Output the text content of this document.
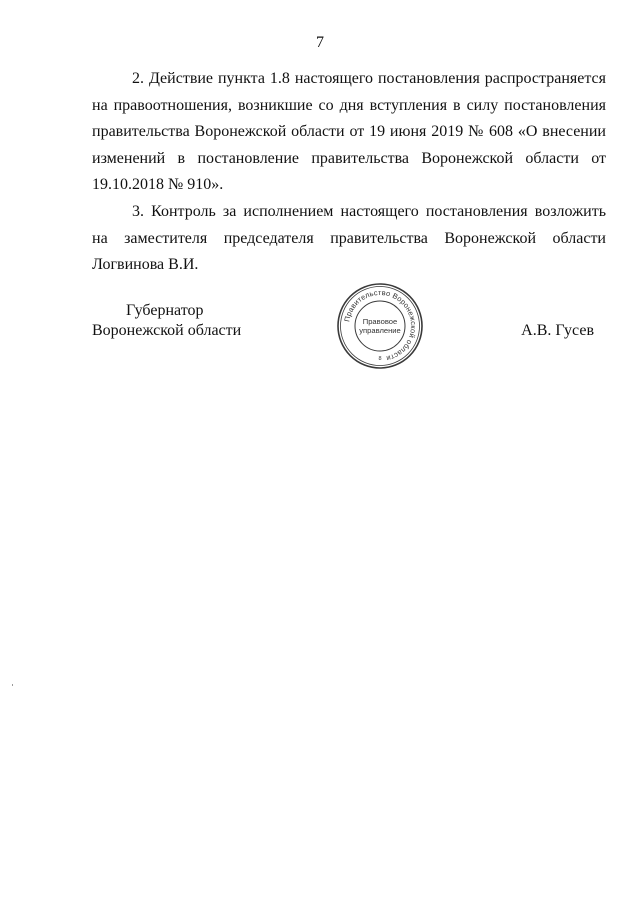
7

2. Действие пункта 1.8 настоящего постановления распространяется на правоотношения, возникшие со дня вступления в силу постановления правительства Воронежской области от 19 июня 2019 № 608 «О внесении изменений в постановление правительства Воронежской области от 19.10.2018 № 910».

3. Контроль за исполнением настоящего постановления возложить на заместителя председателя правительства Воронежской области Логвинова В.И.

Губернатор
Воронежской области	А.В. Гусев
Правительство Воронежской области
Правовое
управление
8
